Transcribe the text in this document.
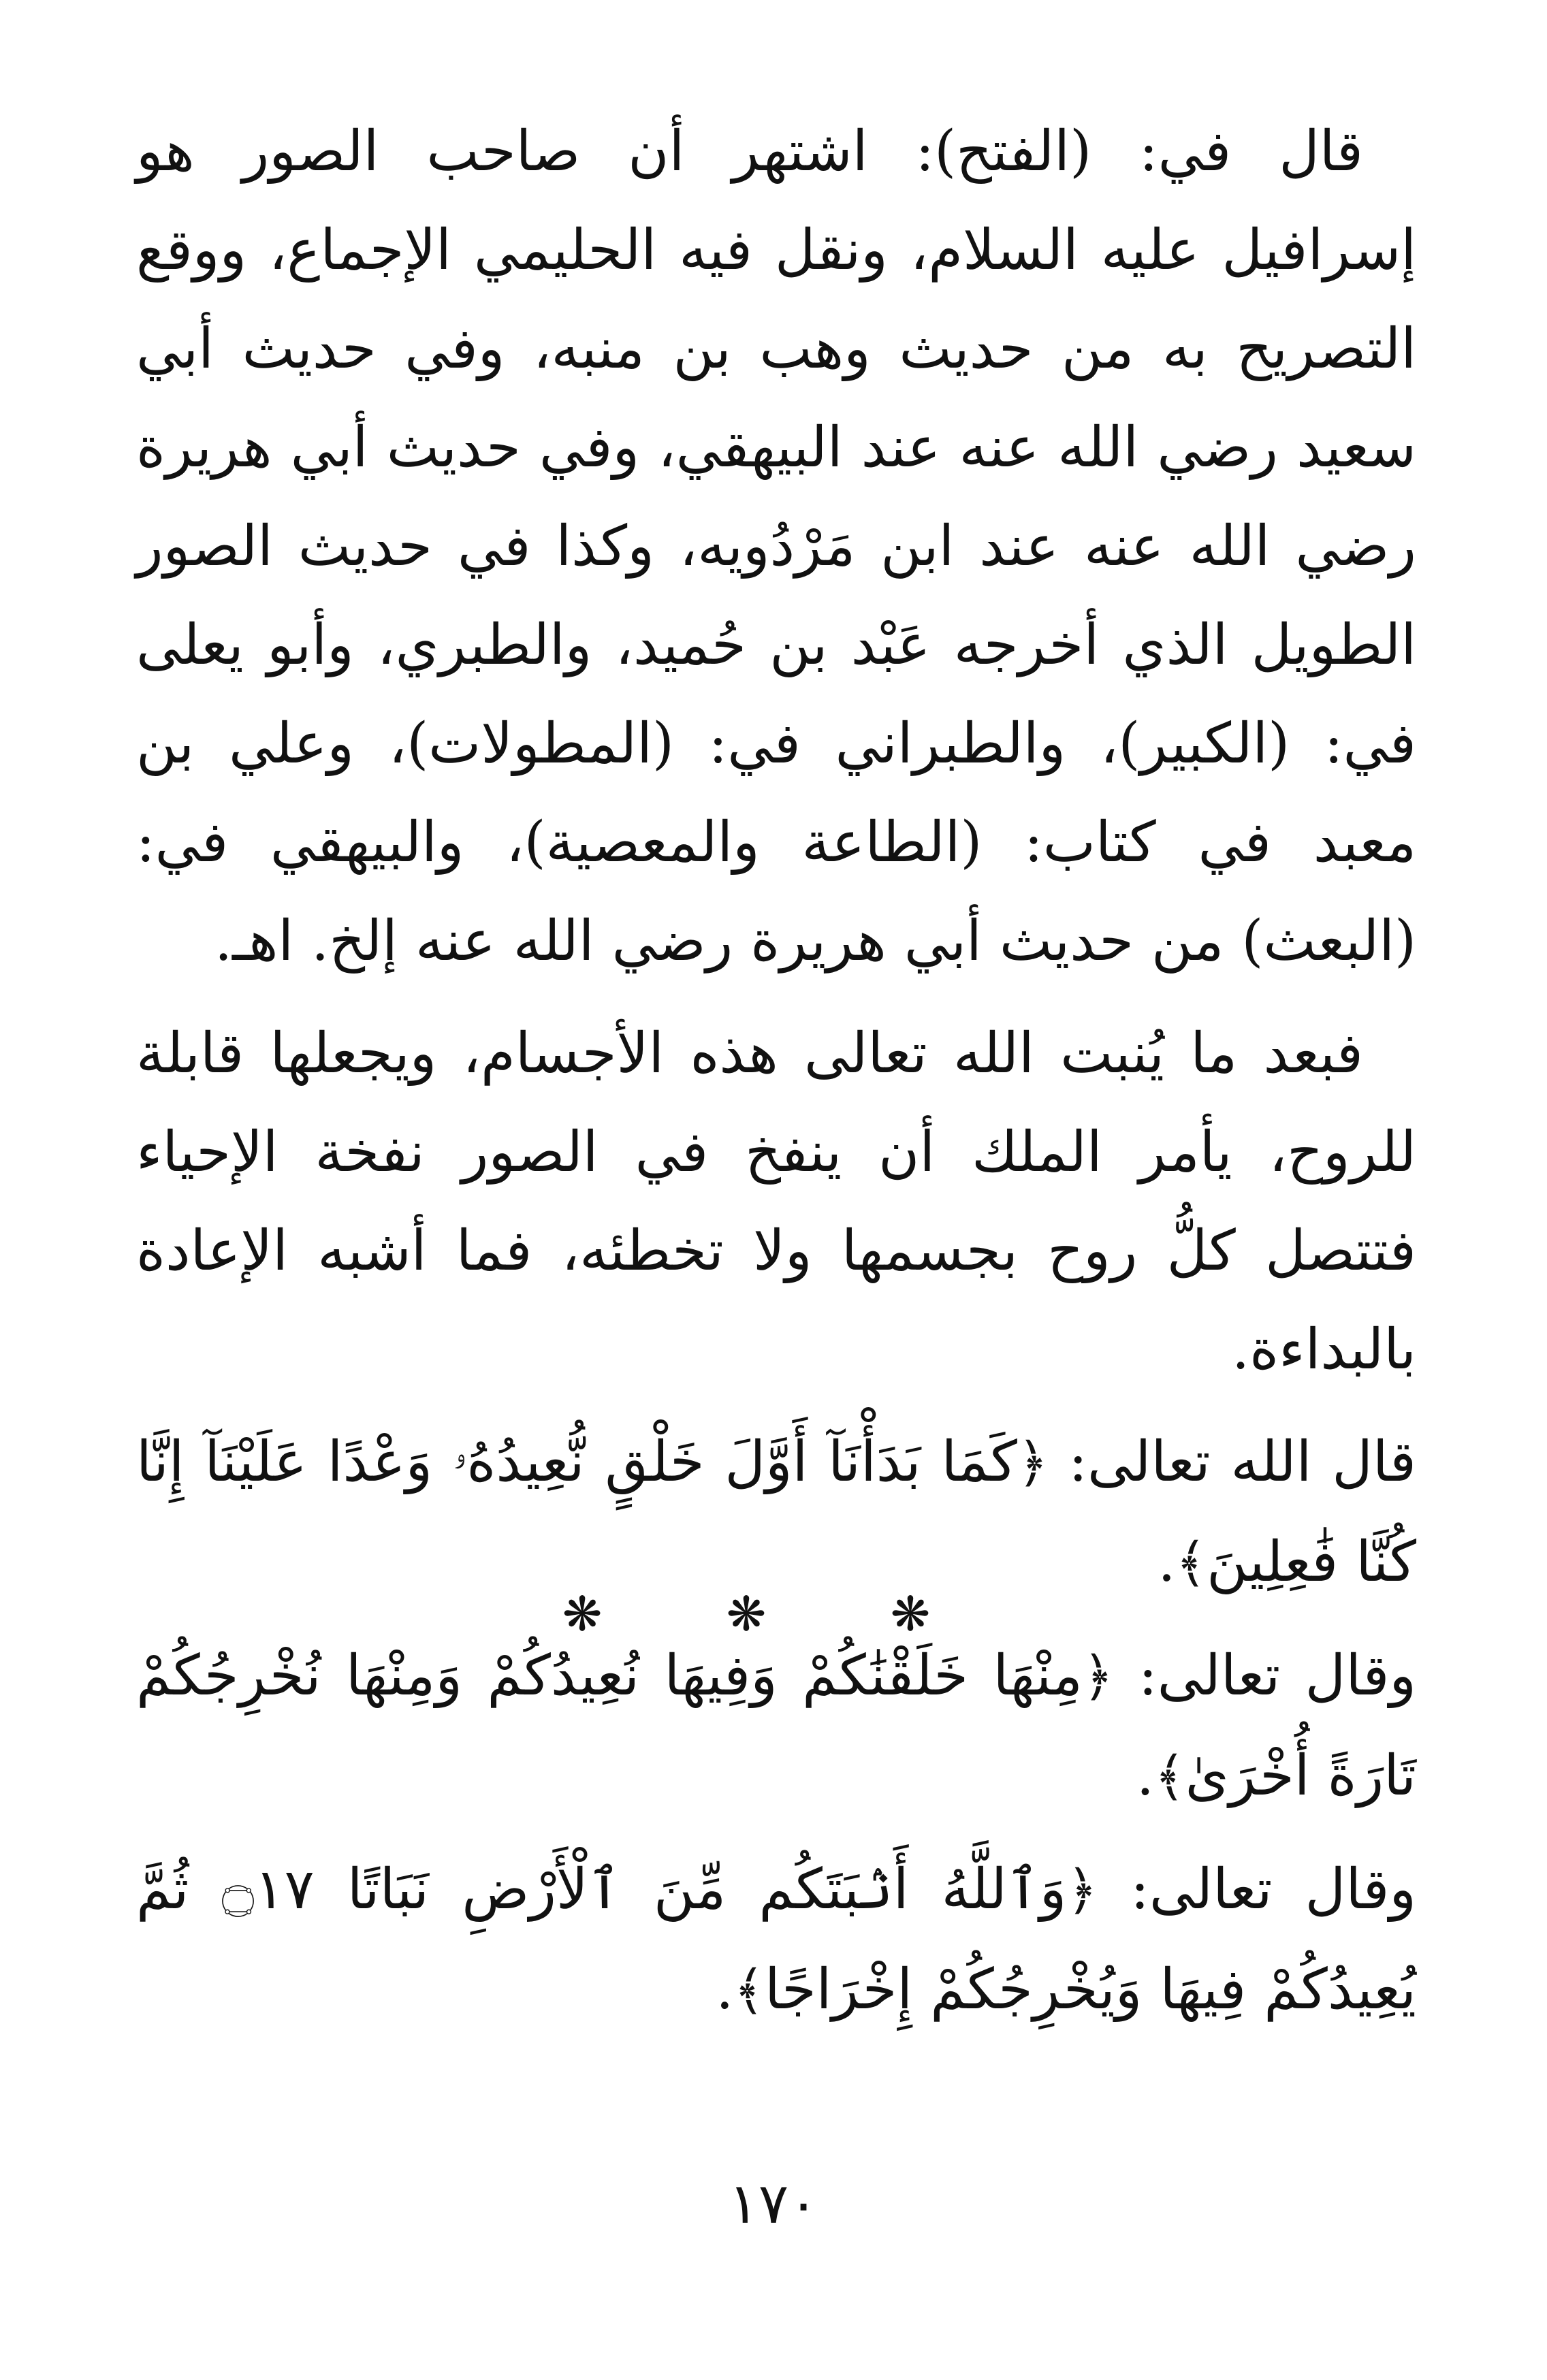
قال في: (الفتح): اشتهر أن صاحب الصور هو إسرافيل عليه السلام، ونقل فيه الحليمي الإجماع، ووقع التصريح به من حديث وهب بن منبه، وفي حديث أبي سعيد رضي الله عنه عند البيهقي، وفي حديث أبي هريرة رضي الله عنه عند ابن مَرْدُويه، وكذا في حديث الصور الطويل الذي أخرجه عَبْد بن حُميد، والطبري، وأبو يعلى في: (الكبير)، والطبراني في: (المطولات)، وعلي بن معبد في كتاب: (الطاعة والمعصية)، والبيهقي في: (البعث) من حديث أبي هريرة رضي الله عنه إلخ. اهـ.

فبعد ما يُنبت الله تعالى هذه الأجسام، ويجعلها قابلة للروح، يأمر الملك أن ينفخ في الصور نفخة الإحياء فتتصل كلُّ روح بجسمها ولا تخطئه، فما أشبه الإعادة بالبداءة.

قال الله تعالى: ﴿كَمَا بَدَأْنَآ أَوَّلَ خَلْقٍ نُّعِيدُهُۥ وَعْدًا عَلَيْنَآ إِنَّا كُنَّا فَٰعِلِينَ﴾.

وقال تعالى: ﴿مِنْهَا خَلَقْنَٰكُمْ وَفِيهَا نُعِيدُكُمْ وَمِنْهَا نُخْرِجُكُمْ تَارَةً أُخْرَىٰ﴾.

وقال تعالى: ﴿وَٱللَّهُ أَنۢبَتَكُم مِّنَ ٱلْأَرْضِ نَبَاتًا ۝١٧ ثُمَّ يُعِيدُكُمْ فِيهَا وَيُخْرِجُكُمْ إِخْرَاجًا﴾.

❋ ❋ ❋
١٧٠
